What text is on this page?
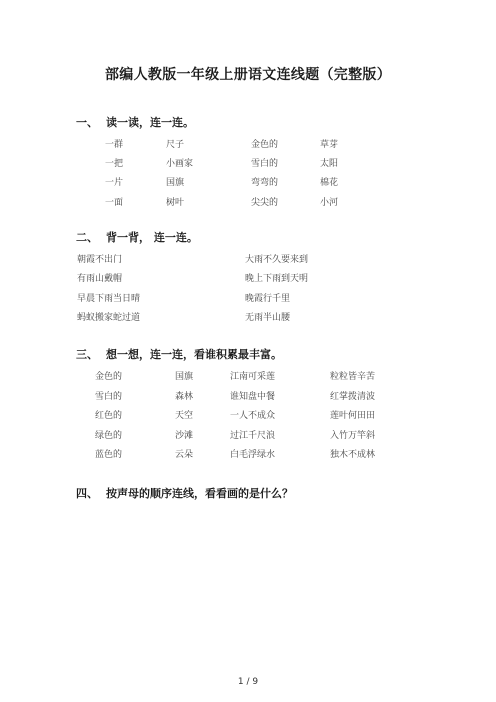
部编人教版一年级上册语文连线题（完整版）
一、 读一读，连一连。
一群	尺子	金色的	草芽
一把	小画家	雪白的	太阳
一片	国旗	弯弯的	棉花
一面	树叶	尖尖的	小河
二、 背一背， 连一连。
朝霞不出门	大雨不久要来到
有雨山戴帽	晚上下雨到天明
早晨下雨当日晴	晚霞行千里
蚂蚁搬家蛇过道	无雨半山腰
三、 想一想，连一连，看谁积累最丰富。
金色的	国旗	江南可采莲	粒粒皆辛苦
雪白的	森林	谁知盘中餐	红掌拨清波
红色的	天空	一人不成众	莲叶何田田
绿色的	沙滩	过江千尺浪	入竹万竿斜
蓝色的	云朵	白毛浮绿水	独木不成林
四、 按声母的顺序连线，看看画的是什么？
1 / 9
